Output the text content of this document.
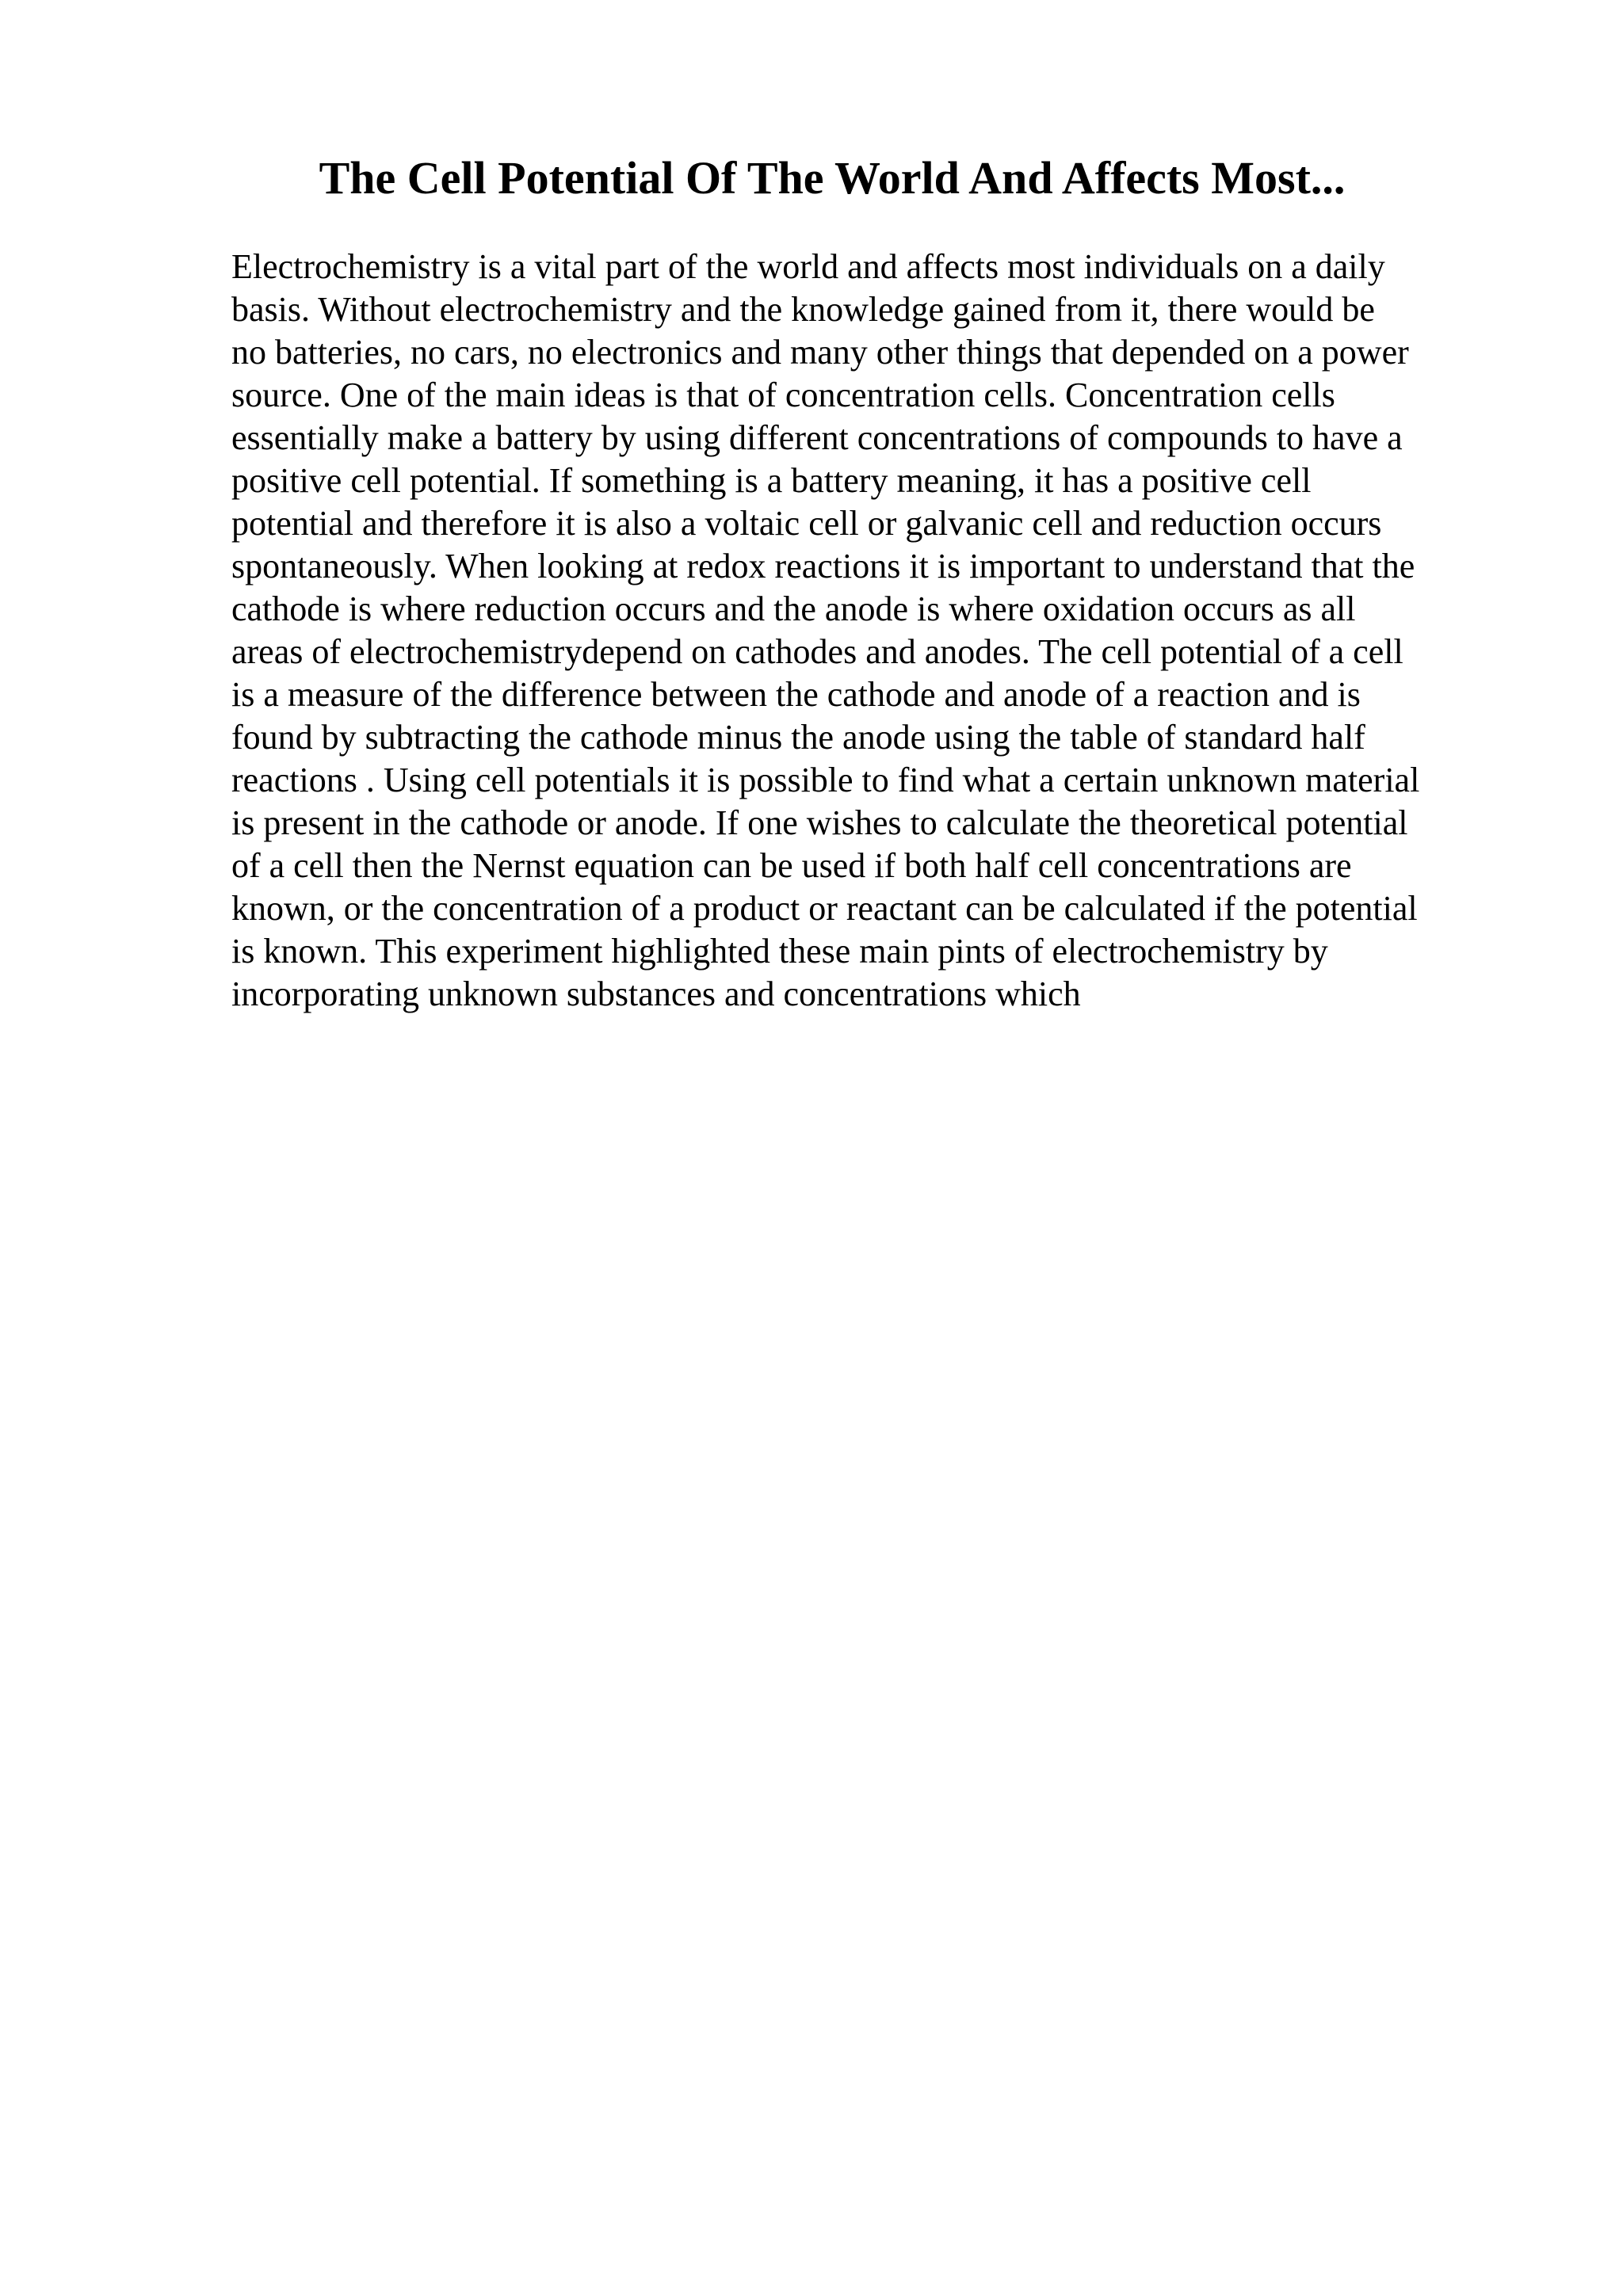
The Cell Potential Of The World And Affects Most...
Electrochemistry is a vital part of the world and affects most individuals on a daily
basis. Without electrochemistry and the knowledge gained from it, there would be
no batteries, no cars, no electronics and many other things that depended on a power
source. One of the main ideas is that of concentration cells. Concentration cells
essentially make a battery by using different concentrations of compounds to have a
positive cell potential. If something is a battery meaning, it has a positive cell
potential and therefore it is also a voltaic cell or galvanic cell and reduction occurs
spontaneously. When looking at redox reactions it is important to understand that the
cathode is where reduction occurs and the anode is where oxidation occurs as all
areas of electrochemistrydepend on cathodes and anodes. The cell potential of a cell
is a measure of the difference between the cathode and anode of a reaction and is
found by subtracting the cathode minus the anode using the table of standard half
reactions . Using cell potentials it is possible to find what a certain unknown material
is present in the cathode or anode. If one wishes to calculate the theoretical potential
of a cell then the Nernst equation can be used if both half cell concentrations are
known, or the concentration of a product or reactant can be calculated if the potential
is known. This experiment highlighted these main pints of electrochemistry by
incorporating unknown substances and concentrations which
